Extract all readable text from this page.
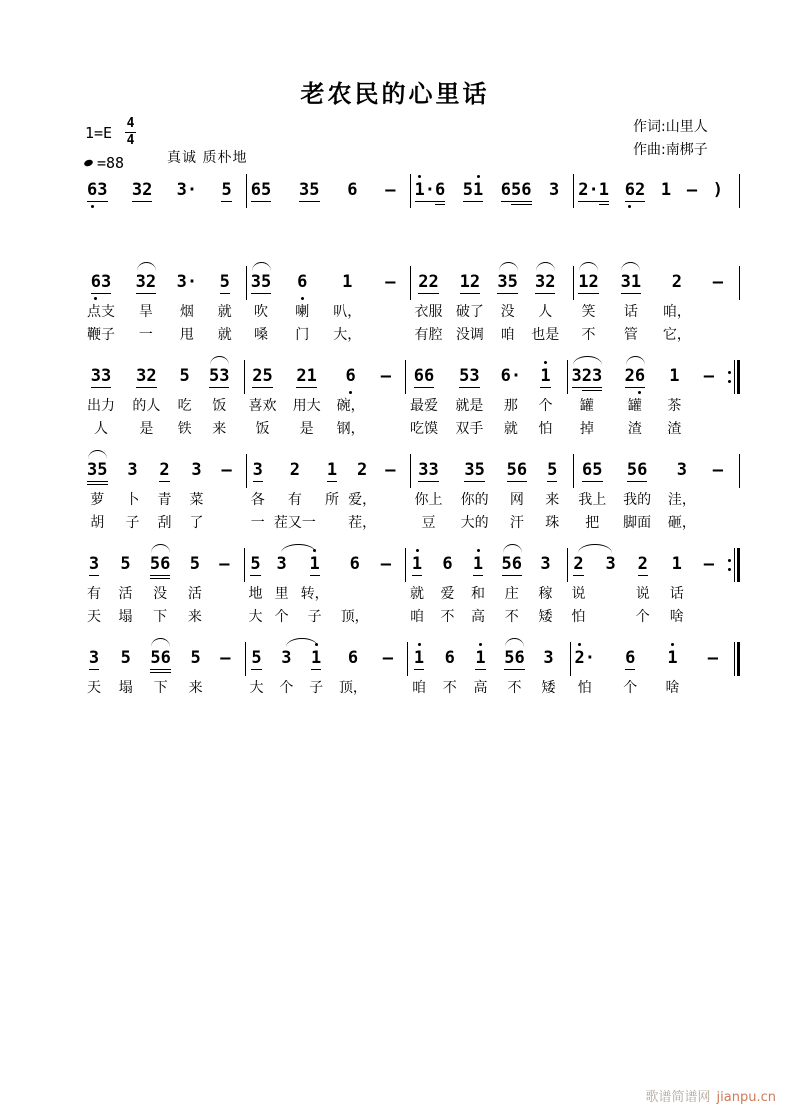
老农民的心里话
1=E 4
4
=88	真诚 质朴地
作词:山里人
作曲:南梆子
6
3 32 3· 5 65 35 6 — 1
·6 51 656 3 2·1 6
2 1 — )
6
3
点支
鞭子
32
旱
一
3·
烟
甩
5
就
就
35
吹
嗓
6
喇
门
1
叭，
大，
— 22
衣服
有腔
12
破了
没调
35
没
咱
32
人
也是
12
笑
不
31
话
管
2
咱，
它，
—
33
出力
人
32
的人
是
5
吃
铁
53
饭
来
25
喜欢
饭
21
用大
是
6
碗，
钢，
— 66
最爱
吃馍
53
就是
双手
6·
那
就
1
个
怕
323
罐
掉
26
罐
渣
1
茶
渣
—
35
萝
胡
3
卜
子
2
青
刮
3
菜
了
— 3
各
一
2
有
茬又一
1
所
2
爱，
茬，
— 33
你上
豆
35
你的
大的
56
网
汗
5
来
珠
65
我上
把
56
我的
脚面
3
洼，
砸，
—
3
有
天
5
活
塌
56
没
下
5
活
来
— 5
地
大
3
里
个
1
转，
子
6
顶，
— 1
就
咱
6
爱
不
1
和
高
56
庄
不
3
稼
矮
2
说
怕
3 2
说
个
1
话
啥
—
3
天
5
塌
56
下
5
来
— 5
大
3
个
1
子
6
顶，
— 1
咱
6
不
1
高
56
不
3
矮
2
·
怕
6
个
1
啥
—
歌谱简谱网 jianpu.cn
